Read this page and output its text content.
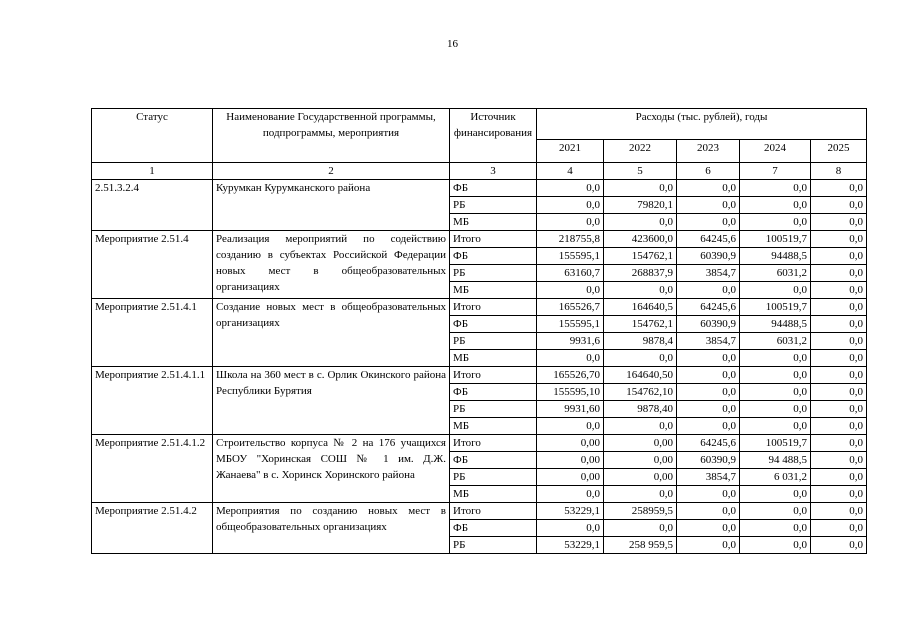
16
Статус	Наименование Государственной программы, подпрограммы, мероприятия	Источник финансирования	Расходы (тыс. рублей), годы				
			2021	2022	2023	2024	2025
1	2	3	4	5	6	7	8
2.51.3.2.4	Курумкан Курумканского района	ФБ	0,0	0,0	0,0	0,0	0,0
		РБ	0,0	79820,1	0,0	0,0	0,0
		МБ	0,0	0,0	0,0	0,0	0,0
Мероприятие 2.51.4	Реализация мероприятий по содействию созданию в субъектах Российской Федерации новых мест в общеобразовательных организациях	Итого	218755,8	423600,0	64245,6	100519,7	0,0
		ФБ	155595,1	154762,1	60390,9	94488,5	0,0
		РБ	63160,7	268837,9	3854,7	6031,2	0,0
		МБ	0,0	0,0	0,0	0,0	0,0
Мероприятие 2.51.4.1	Создание новых мест в общеобразовательных организациях	Итого	165526,7	164640,5	64245,6	100519,7	0,0
		ФБ	155595,1	154762,1	60390,9	94488,5	0,0
		РБ	9931,6	9878,4	3854,7	6031,2	0,0
		МБ	0,0	0,0	0,0	0,0	0,0
Мероприятие 2.51.4.1.1	Школа на 360 мест в с. Орлик Окинского района Республики Бурятия	Итого	165526,70	164640,50	0,0	0,0	0,0
		ФБ	155595,10	154762,10	0,0	0,0	0,0
		РБ	9931,60	9878,40	0,0	0,0	0,0
		МБ	0,0	0,0	0,0	0,0	0,0
Мероприятие 2.51.4.1.2	Строительство корпуса № 2 на 176 учащихся МБОУ "Хоринская СОШ № 1 им. Д.Ж. Жанаева" в с. Хоринск Хоринского района	Итого	0,00	0,00	64245,6	100519,7	0,0
		ФБ	0,00	0,00	60390,9	94 488,5	0,0
		РБ	0,00	0,00	3854,7	6 031,2	0,0
		МБ	0,0	0,0	0,0	0,0	0,0
Мероприятие 2.51.4.2	Мероприятия по созданию новых мест в общеобразовательных организациях	Итого	53229,1	258959,5	0,0	0,0	0,0
		ФБ	0,0	0,0	0,0	0,0	0,0
		РБ	53229,1	258 959,5	0,0	0,0	0,0
